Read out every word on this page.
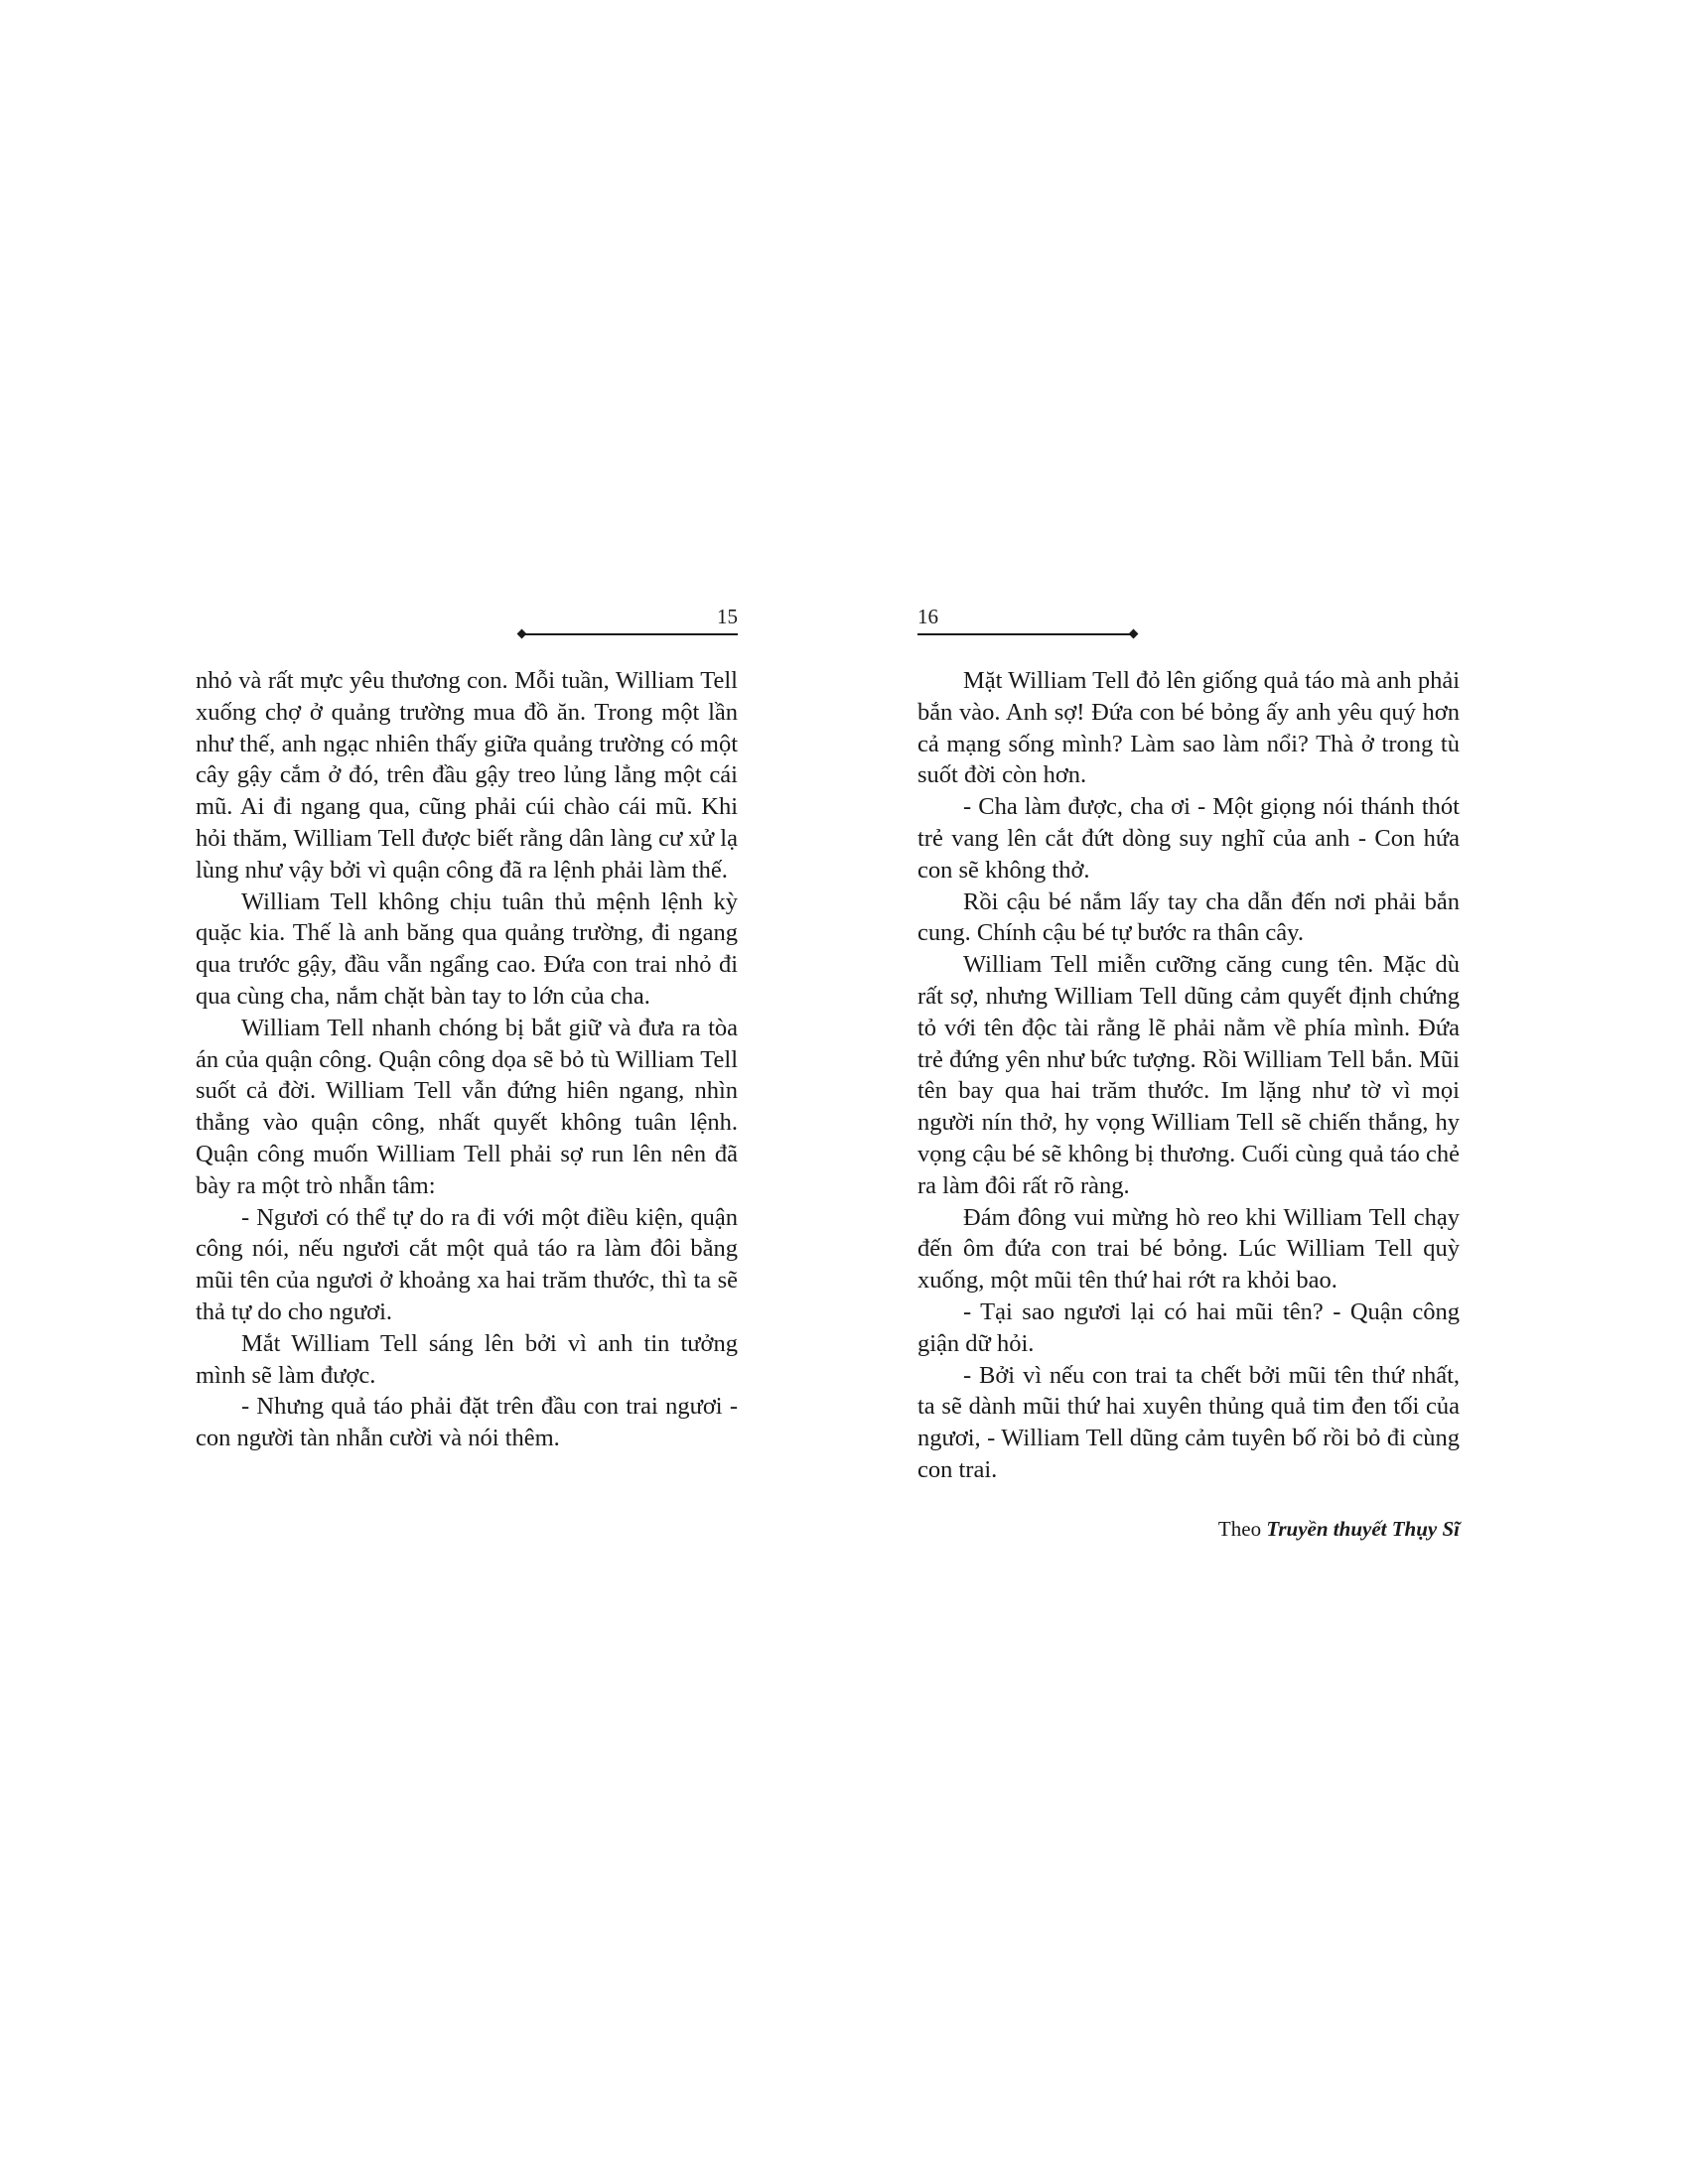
15

nhỏ và rất mực yêu thương con. Mỗi tuần, William Tell xuống chợ ở quảng trường mua đồ ăn. Trong một lần như thế, anh ngạc nhiên thấy giữa quảng trường có một cây gậy cắm ở đó, trên đầu gậy treo lủng lẳng một cái mũ. Ai đi ngang qua, cũng phải cúi chào cái mũ. Khi hỏi thăm, William Tell được biết rằng dân làng cư xử lạ lùng như vậy bởi vì quận công đã ra lệnh phải làm thế.

William Tell không chịu tuân thủ mệnh lệnh kỳ quặc kia. Thế là anh băng qua quảng trường, đi ngang qua trước gậy, đầu vẫn ngẩng cao. Đứa con trai nhỏ đi qua cùng cha, nắm chặt bàn tay to lớn của cha.

William Tell nhanh chóng bị bắt giữ và đưa ra tòa án của quận công. Quận công dọa sẽ bỏ tù William Tell suốt cả đời. William Tell vẫn đứng hiên ngang, nhìn thẳng vào quận công, nhất quyết không tuân lệnh. Quận công muốn William Tell phải sợ run lên nên đã bày ra một trò nhẫn tâm:

- Ngươi có thể tự do ra đi với một điều kiện, quận công nói, nếu ngươi cắt một quả táo ra làm đôi bằng mũi tên của ngươi ở khoảng xa hai trăm thước, thì ta sẽ thả tự do cho ngươi.

Mắt William Tell sáng lên bởi vì anh tin tưởng mình sẽ làm được.

- Nhưng quả táo phải đặt trên đầu con trai ngươi - con người tàn nhẫn cười và nói thêm.

16

Mặt William Tell đỏ lên giống quả táo mà anh phải bắn vào. Anh sợ! Đứa con bé bỏng ấy anh yêu quý hơn cả mạng sống mình? Làm sao làm nổi? Thà ở trong tù suốt đời còn hơn.

- Cha làm được, cha ơi - Một giọng nói thánh thót trẻ vang lên cắt đứt dòng suy nghĩ của anh - Con hứa con sẽ không thở.

Rồi cậu bé nắm lấy tay cha dẫn đến nơi phải bắn cung. Chính cậu bé tự bước ra thân cây.

William Tell miễn cưỡng căng cung tên. Mặc dù rất sợ, nhưng William Tell dũng cảm quyết định chứng tỏ với tên độc tài rằng lẽ phải nằm về phía mình. Đứa trẻ đứng yên như bức tượng. Rồi William Tell bắn. Mũi tên bay qua hai trăm thước. Im lặng như tờ vì mọi người nín thở, hy vọng William Tell sẽ chiến thắng, hy vọng cậu bé sẽ không bị thương. Cuối cùng quả táo chẻ ra làm đôi rất rõ ràng.

Đám đông vui mừng hò reo khi William Tell chạy đến ôm đứa con trai bé bỏng. Lúc William Tell quỳ xuống, một mũi tên thứ hai rớt ra khỏi bao.

- Tại sao ngươi lại có hai mũi tên? - Quận công giận dữ hỏi.

- Bởi vì nếu con trai ta chết bởi mũi tên thứ nhất, ta sẽ dành mũi thứ hai xuyên thủng quả tim đen tối của ngươi, - William Tell dũng cảm tuyên bố rồi bỏ đi cùng con trai.

Theo Truyền thuyết Thụy Sĩ
